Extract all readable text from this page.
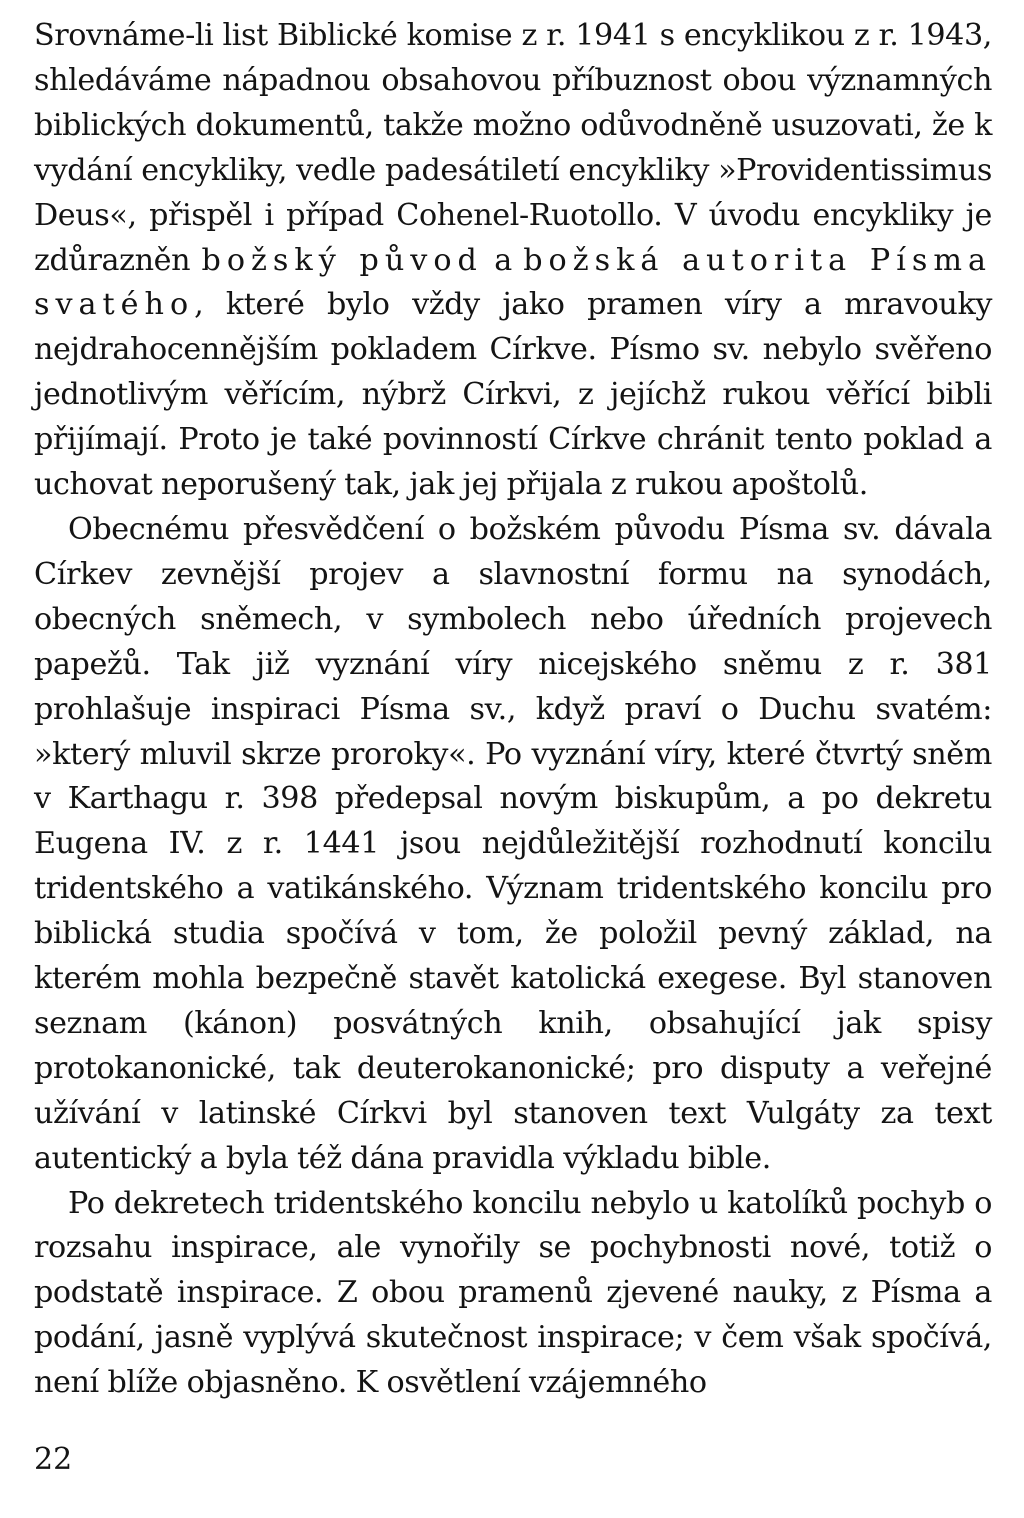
Srovnáme-li list Biblické komise z r. 1941 s encyklikou z r. 1943, shledáváme nápadnou obsahovou příbuznost obou významných biblických dokumentů, takže možno odůvodněně usuzovati, že k vydání encykliky, vedle padesátiletí encykliky »Providentissimus Deus«, přispěl i případ Cohenel-Ruotollo. V úvodu encykliky je zdůrazněn božský původ a božská autorita Písma svatého, které bylo vždy jako pramen víry a mravouky nejdrahocennějším pokladem Církve. Písmo sv. nebylo svěřeno jednotlivým věřícím, nýbrž Církvi, z jejíchž rukou věřící bibli přijímají. Proto je také povinností Církve chránit tento poklad a uchovat neporušený tak, jak jej přijala z rukou apoštolů.

Obecnému přesvědčení o božském původu Písma sv. dávala Církev zevnější projev a slavnostní formu na synodách, obecných sněmech, v symbolech nebo úředních projevech papežů. Tak již vyznání víry nicejského sněmu z r. 381 prohlašuje inspiraci Písma sv., když praví o Duchu svatém: »který mluvil skrze proroky«. Po vyznání víry, které čtvrtý sněm v Karthagu r. 398 předepsal novým biskupům, a po dekretu Eugena IV. z r. 1441 jsou nejdůležitější rozhodnutí koncilu tridentského a vatikánského. Význam tridentského koncilu pro biblická studia spočívá v tom, že položil pevný základ, na kterém mohla bezpečně stavět katolická exegese. Byl stanoven seznam (kánon) posvátných knih, obsahující jak spisy protokanonické, tak deuterokanonické; pro disputy a veřejné užívání v latinské Církvi byl stanoven text Vulgáty za text autentický a byla též dána pravidla výkladu bible.

Po dekretech tridentského koncilu nebylo u katolíků pochyb o rozsahu inspirace, ale vynořily se pochybnosti nové, totiž o podstatě inspirace. Z obou pramenů zjevené nauky, z Písma a podání, jasně vyplývá skutečnost inspirace; v čem však spočívá, není blíže objasněno. K osvětlení vzájemného

22
